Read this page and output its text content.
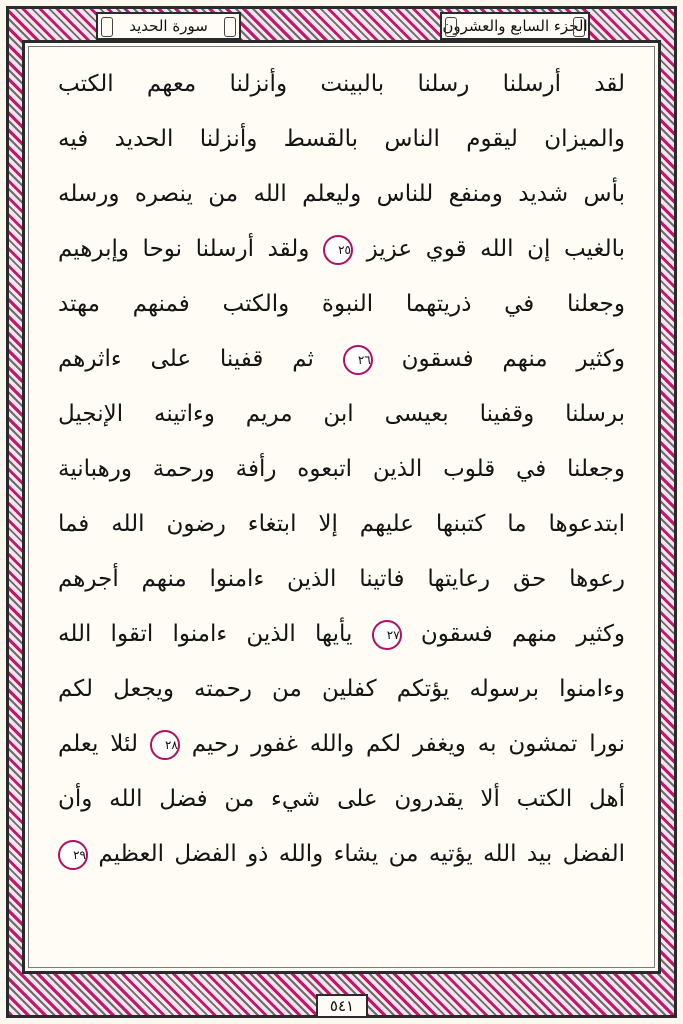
الجزء السابع والعشرون
سورة الحديد
لقد أرسلنا رسلنا بالبينت وأنزلنا معهم الكتب
والميزان ليقوم الناس بالقسط وأنزلنا الحديد فيه
بأس شديد ومنفع للناس وليعلم الله من ينصره ورسله
بالغيب إن الله قوي عزيز ٢٥ ولقد أرسلنا نوحا وإبرهيم
وجعلنا في ذريتهما النبوة والكتب فمنهم مهتد
وكثير منهم فسقون ٢٦ ثم قفينا على ءاثرهم
برسلنا وقفينا بعيسى ابن مريم وءاتينه الإنجيل
وجعلنا في قلوب الذين اتبعوه رأفة ورحمة ورهبانية
ابتدعوها ما كتبنها عليهم إلا ابتغاء رضون الله فما
رعوها حق رعايتها فاتينا الذين ءامنوا منهم أجرهم
وكثير منهم فسقون ٢٧ يأيها الذين ءامنوا اتقوا الله
وءامنوا برسوله يؤتكم كفلين من رحمته ويجعل لكم
نورا تمشون به ويغفر لكم والله غفور رحيم ٢٨ لئلا يعلم
أهل الكتب ألا يقدرون على شيء من فضل الله وأن
الفضل بيد الله يؤتيه من يشاء والله ذو الفضل العظيم ٢٩
٥٤١
